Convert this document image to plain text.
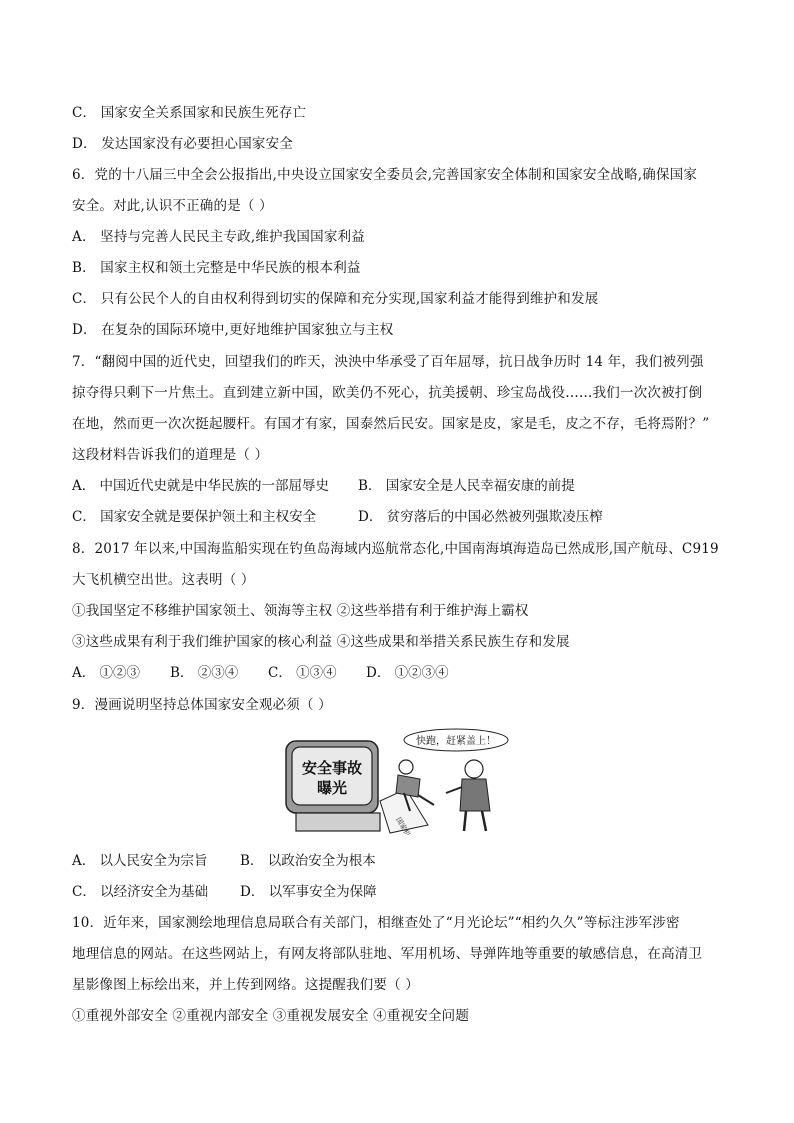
C． 国家安全关系国家和民族生死存亡
D． 发达国家没有必要担心国家安全
6．党的十八届三中全会公报指出,中央设立国家安全委员会,完善国家安全体制和国家安全战略,确保国家
安全。对此,认识不正确的是（ ）
A． 坚持与完善人民民主专政,维护我国国家利益
B． 国家主权和领土完整是中华民族的根本利益
C． 只有公民个人的自由权利得到切实的保障和充分实现,国家利益才能得到维护和发展
D． 在复杂的国际环境中,更好地维护国家独立与主权
7．“翻阅中国的近代史，回望我们的昨天，泱泱中华承受了百年屈辱，抗日战争历时 14 年，我们被列强
掠夺得只剩下一片焦土。直到建立新中国，欧美仍不死心，抗美援朝、珍宝岛战役……我们一次次被打倒
在地，然而更一次次挺起腰杆。有国才有家，国泰然后民安。国家是皮，家是毛，皮之不存，毛将焉附？”
这段材料告诉我们的道理是（ ）
A． 中国近代史就是中华民族的一部屈辱史 B． 国家安全是人民幸福安康的前提
C． 国家安全就是要保护领土和主权安全	D． 贫穷落后的中国必然被列强欺凌压榨
8．2017 年以来,中国海监船实现在钓鱼岛海域内巡航常态化,中国南海填海造岛已然成形,国产航母、C919
大飞机横空出世。这表明（ ）
①我国坚定不移维护国家领土、领海等主权 ②这些举措有利于维护海上霸权
③这些成果有利于我们维护国家的核心利益 ④这些成果和举措关系民族生存和发展
A． ①②③ B． ②③④ C． ①③④ D． ①②③④
9．漫画说明坚持总体国家安全观必须（ ）
安全事故
曝光
国家机密
快跑，赶紧盖上！
A． 以人民安全为宗旨 B． 以政治安全为根本
C． 以经济安全为基础 D． 以军事安全为保障
10．近年来，国家测绘地理信息局联合有关部门，相继查处了“月光论坛”“相约久久”等标注涉军涉密
地理信息的网站。在这些网站上，有网友将部队驻地、军用机场、导弹阵地等重要的敏感信息，在高清卫
星影像图上标绘出来，并上传到网络。这提醒我们要（ ）
①重视外部安全 ②重视内部安全 ③重视发展安全 ④重视安全问题
